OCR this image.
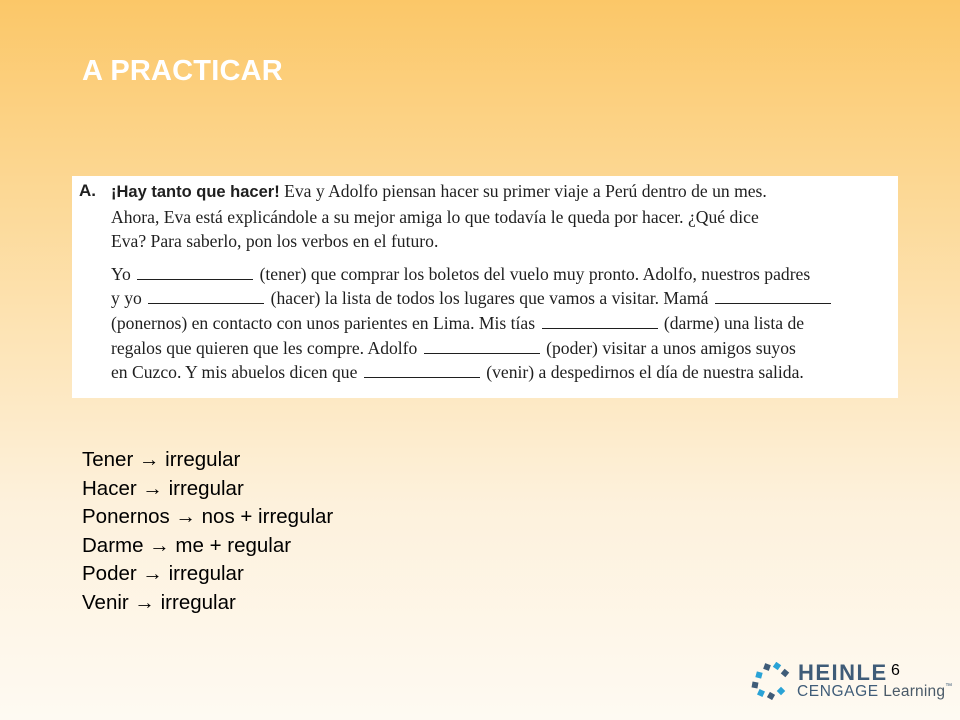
A PRACTICAR
A. ¡Hay tanto que hacer! Eva y Adolfo piensan hacer su primer viaje a Perú dentro de un mes.
Ahora, Eva está explicándole a su mejor amiga lo que todavía le queda por hacer. ¿Qué dice
Eva? Para saberlo, pon los verbos en el futuro.

Yo	(tener) que comprar los boletos del vuelo muy pronto. Adolfo, nuestros padres
y yo	(hacer) la lista de todos los lugares que vamos a visitar. Mamá
(ponernos) en contacto con unos parientes en Lima. Mis tías	(darme) una lista de
regalos que quieren que les compre. Adolfo	(poder) visitar a unos amigos suyos
en Cuzco. Y mis abuelos dicen que	(venir) a despedirnos el día de nuestra salida.

Tener → irregular
Hacer → irregular
Ponernos → nos + irregular
Darme → me + regular
Poder → irregular
Venir → irregular
HEINLE
CENGAGE Learning™
6
